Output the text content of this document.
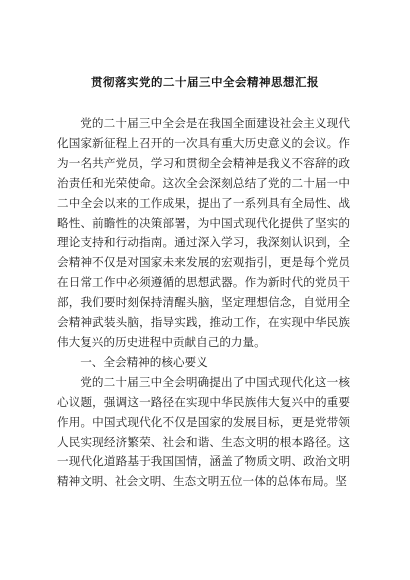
贯彻落实党的二十届三中全会精神思想汇报

党的二十届三中全会是在我国全面建设社会主义现代化国家新征程上召开的一次具有重大历史意义的会议。作为一名共产党员，学习和贯彻全会精神是我义不容辞的政治责任和光荣使命。这次全会深刻总结了党的二十届一中二中全会以来的工作成果，提出了一系列具有全局性、战略性、前瞻性的决策部署，为中国式现代化提供了坚实的理论支持和行动指南。通过深入学习，我深刻认识到，全会精神不仅是对国家未来发展的宏观指引，更是每个党员在日常工作中必须遵循的思想武器。作为新时代的党员干部，我们要时刻保持清醒头脑，坚定理想信念，自觉用全会精神武装头脑，指导实践，推动工作，在实现中华民族伟大复兴的历史进程中贡献自己的力量。

一、全会精神的核心要义

党的二十届三中全会明确提出了中国式现代化这一核心议题，强调这一路径在实现中华民族伟大复兴中的重要作用。中国式现代化不仅是国家的发展目标，更是党带领人民实现经济繁荣、社会和谐、生态文明的根本路径。这一现代化道路基于我国国情，涵盖了物质文明、政治文明精神文明、社会文明、生态文明五位一体的总体布局。坚
